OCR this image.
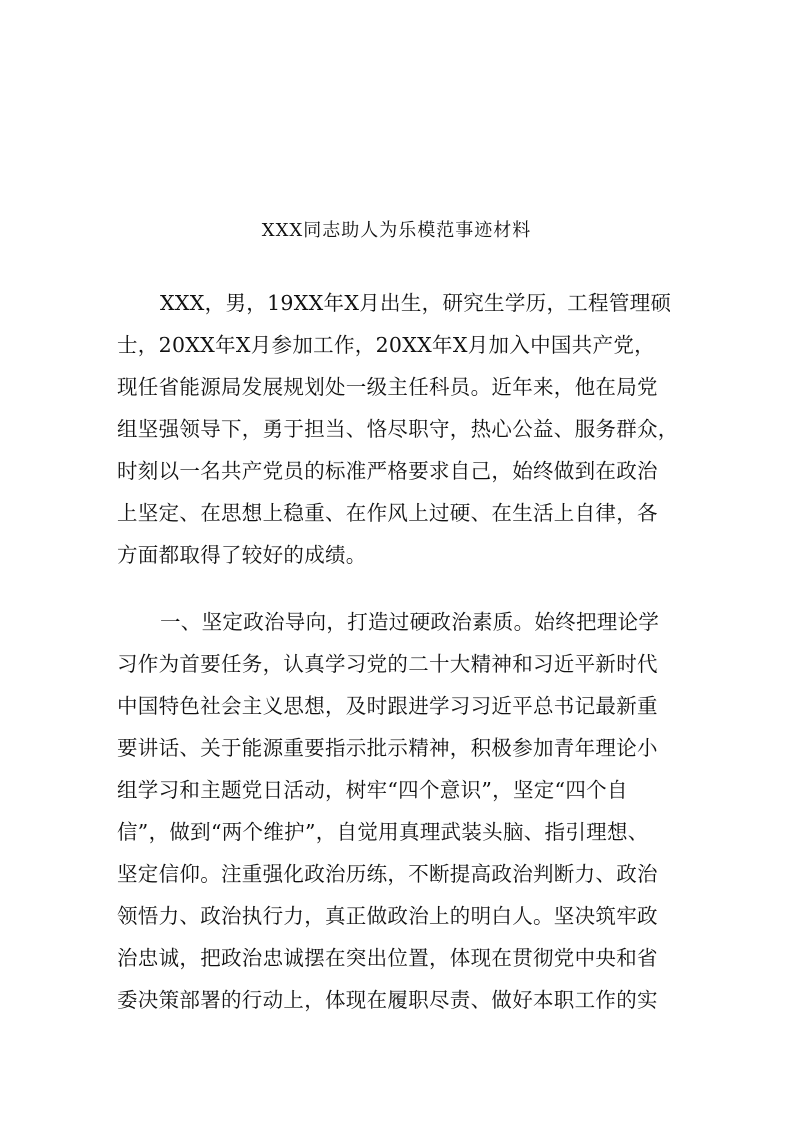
XXX同志助人为乐模范事迹材料
XXX，男，19XX年X月出生，研究生学历，工程管理硕
士，20XX年X月参加工作，20XX年X月加入中国共产党，
现任省能源局发展规划处一级主任科员。近年来，他在局党
组坚强领导下，勇于担当、恪尽职守，热心公益、服务群众，
时刻以一名共产党员的标准严格要求自己，始终做到在政治
上坚定、在思想上稳重、在作风上过硬、在生活上自律，各
方面都取得了较好的成绩。
一、坚定政治导向，打造过硬政治素质。始终把理论学
习作为首要任务，认真学习党的二十大精神和习近平新时代
中国特色社会主义思想，及时跟进学习习近平总书记最新重
要讲话、关于能源重要指示批示精神，积极参加青年理论小
组学习和主题党日活动，树牢“四个意识”，坚定“四个自
信”，做到“两个维护”，自觉用真理武装头脑、指引理想、
坚定信仰。注重强化政治历练，不断提高政治判断力、政治
领悟力、政治执行力，真正做政治上的明白人。坚决筑牢政
治忠诚，把政治忠诚摆在突出位置，体现在贯彻党中央和省
委决策部署的行动上，体现在履职尽责、做好本职工作的实
